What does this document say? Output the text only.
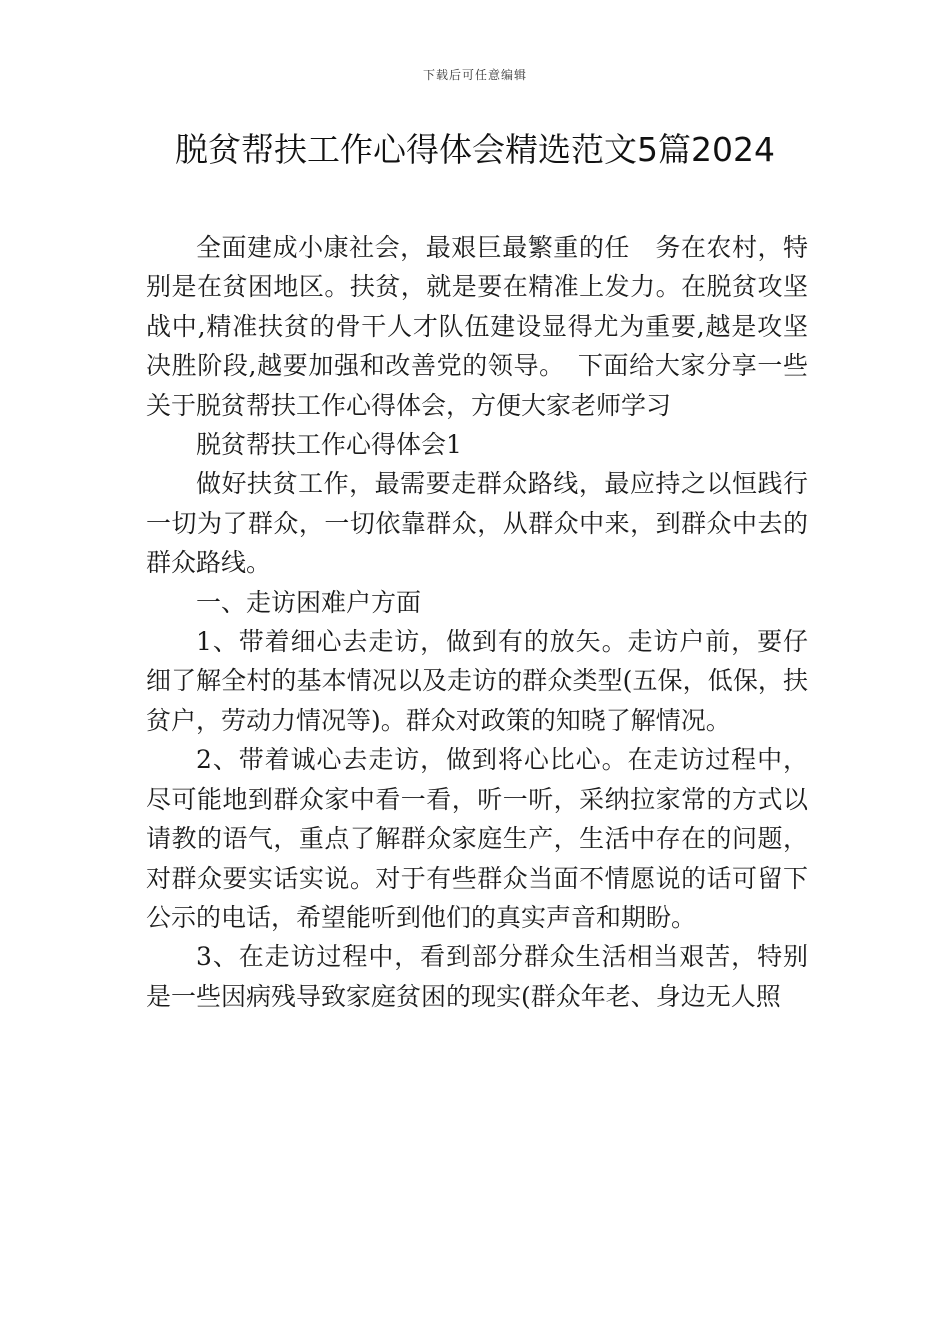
下载后可任意编辑
脱贫帮扶工作心得体会精选范文5篇2024

全面建成小康社会，最艰巨最繁重的任　务在农村，特别是在贫困地区。扶贫，就是要在精准上发力。在脱贫攻坚战中,精准扶贫的骨干人才队伍建设显得尤为重要,越是攻坚决胜阶段,越要加强和改善党的领导。　下面给大家分享一些关于脱贫帮扶工作心得体会，方便大家老师学习

脱贫帮扶工作心得体会1

做好扶贫工作，最需要走群众路线，最应持之以恒践行一切为了群众，一切依靠群众，从群众中来，到群众中去的群众路线。

一、走访困难户方面

1、带着细心去走访，做到有的放矢。走访户前，要仔细了解全村的基本情况以及走访的群众类型(五保，低保，扶贫户，劳动力情况等)。群众对政策的知晓了解情况。

2、带着诚心去走访，做到将心比心。在走访过程中，尽可能地到群众家中看一看，听一听，采纳拉家常的方式以请教的语气，重点了解群众家庭生产，生活中存在的问题，对群众要实话实说。对于有些群众当面不情愿说的话可留下公示的电话，希望能听到他们的真实声音和期盼。

3、在走访过程中，看到部分群众生活相当艰苦，特别是一些因病残导致家庭贫困的现实(群众年老、身边无人照
